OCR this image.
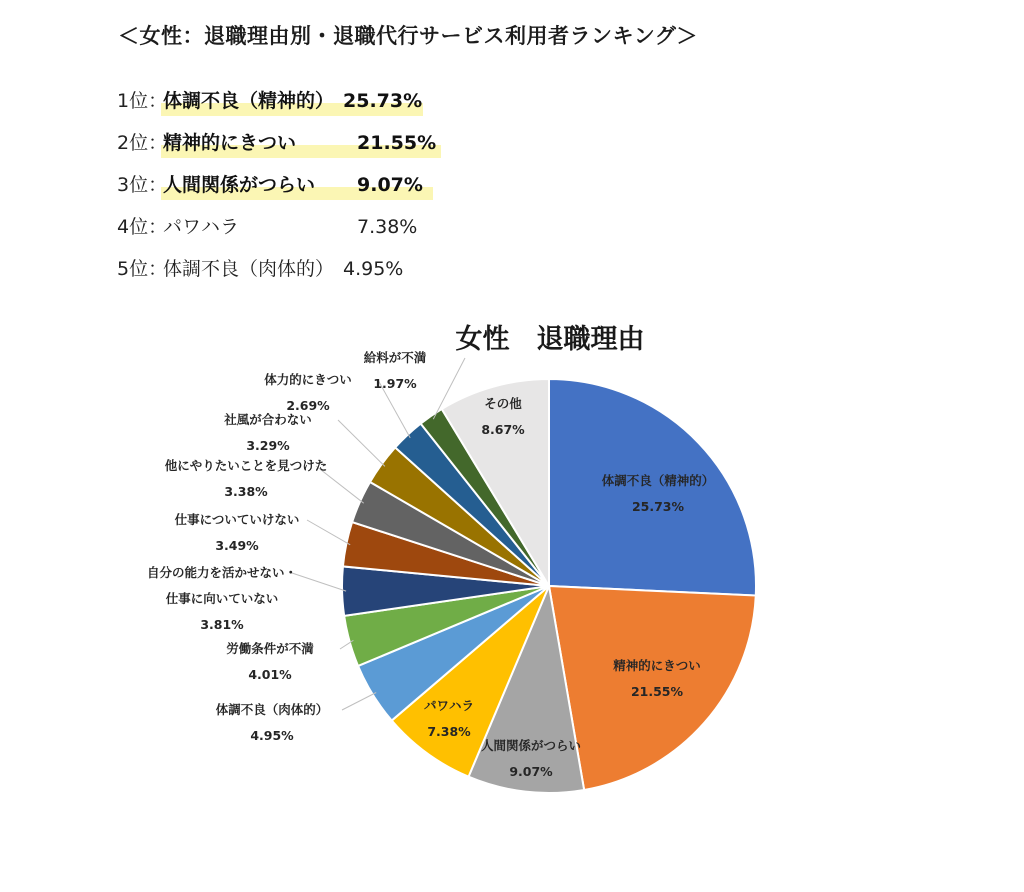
＜女性：退職理由別・退職代行サービス利用者ランキング＞
1位：
体調不良（精神的） 25.73%
2位：
精神的にきつい	21.55%
3位：
人間関係がつらい 9.07%
4位：
パワハラ	7.38%
5位：
体調不良（肉体的） 4.95%
女性　退職理由
体調不良（精神的） 25.73%
精神的にきつい 21.55%
人間関係がつらい 9.07%
パワハラ 7.38%
体調不良（肉体的） 4.95%
労働条件が不満 4.01%
自分の能力を活かせない・仕事に向いていない 3.81%
仕事についていけない 3.49%
他にやりたいことを見つけた 3.38%
社風が合わない 3.29%
体力的にきつい 2.69%
給料が不満 1.97%
その他 8.67%
